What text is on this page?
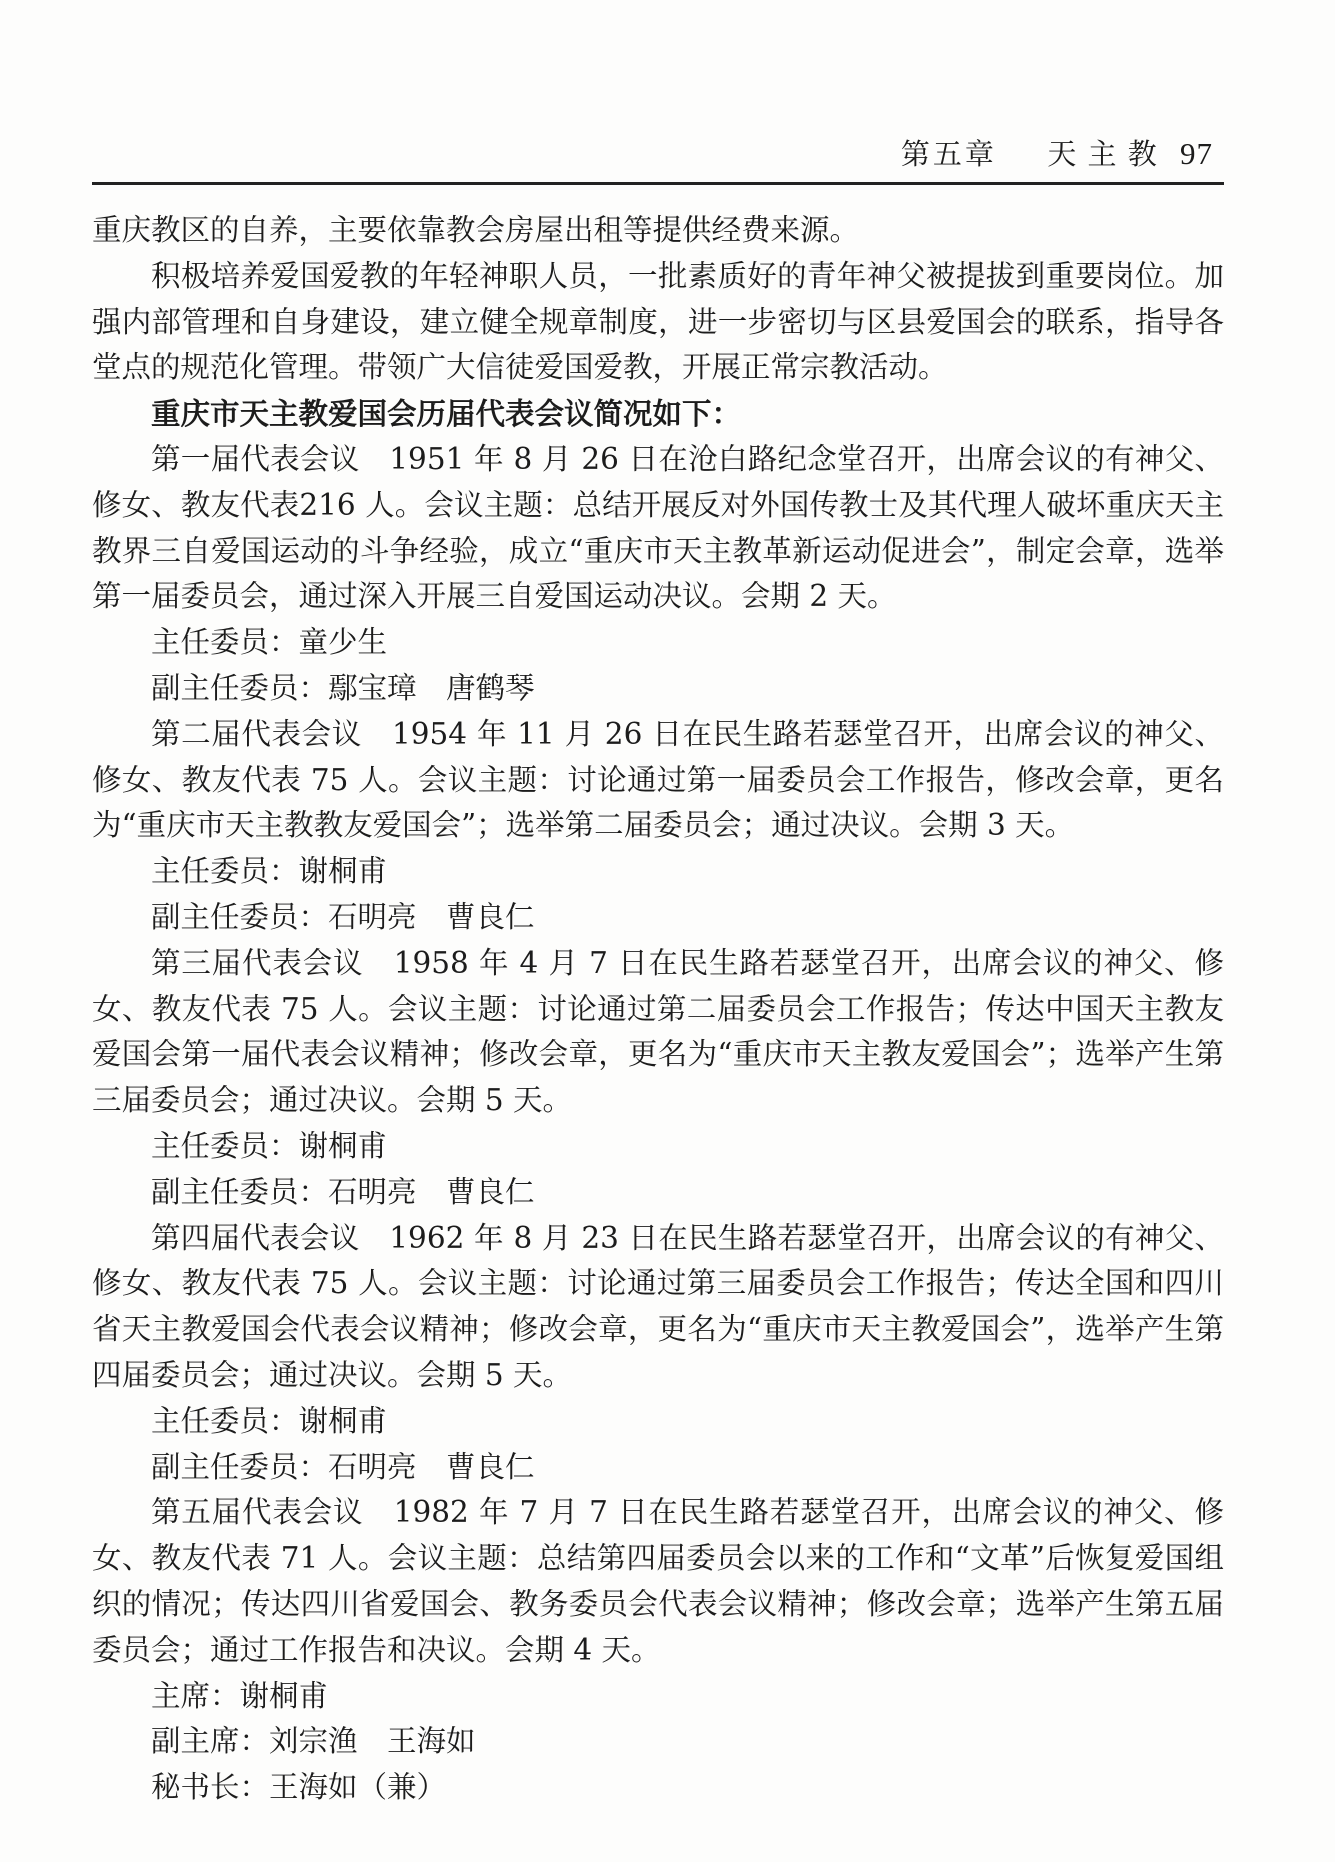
第五章   天 主 教 97

重庆教区的自养，主要依靠教会房屋出租等提供经费来源。

积极培养爱国爱教的年轻神职人员，一批素质好的青年神父被提拔到重要岗位。加强内部管理和自身建设，建立健全规章制度，进一步密切与区县爱国会的联系，指导各堂点的规范化管理。带领广大信徒爱国爱教，开展正常宗教活动。

重庆市天主教爱国会历届代表会议简况如下：

第一届代表会议　1951 年 8 月 26 日在沧白路纪念堂召开，出席会议的有神父、修女、教友代表216 人。会议主题：总结开展反对外国传教士及其代理人破坏重庆天主教界三自爱国运动的斗争经验，成立“重庆市天主教革新运动促进会”，制定会章，选举第一届委员会，通过深入开展三自爱国运动决议。会期 2 天。

主任委员：童少生

副主任委员：鄢宝璋 唐鹤琴

第二届代表会议　1954 年 11 月 26 日在民生路若瑟堂召开，出席会议的神父、修女、教友代表 75 人。会议主题：讨论通过第一届委员会工作报告，修改会章，更名为“重庆市天主教教友爱国会”；选举第二届委员会；通过决议。会期 3 天。

主任委员：谢桐甫

副主任委员：石明亮 曹良仁

第三届代表会议　1958 年 4 月 7 日在民生路若瑟堂召开，出席会议的神父、修女、教友代表 75 人。会议主题：讨论通过第二届委员会工作报告；传达中国天主教友爱国会第一届代表会议精神；修改会章，更名为“重庆市天主教友爱国会”；选举产生第三届委员会；通过决议。会期 5 天。

主任委员：谢桐甫

副主任委员：石明亮 曹良仁

第四届代表会议　1962 年 8 月 23 日在民生路若瑟堂召开，出席会议的有神父、修女、教友代表 75 人。会议主题：讨论通过第三届委员会工作报告；传达全国和四川省天主教爱国会代表会议精神；修改会章，更名为“重庆市天主教爱国会”，选举产生第四届委员会；通过决议。会期 5 天。

主任委员：谢桐甫

副主任委员：石明亮 曹良仁

第五届代表会议　1982 年 7 月 7 日在民生路若瑟堂召开，出席会议的神父、修女、教友代表 71 人。会议主题：总结第四届委员会以来的工作和“文革”后恢复爱国组织的情况；传达四川省爱国会、教务委员会代表会议精神；修改会章；选举产生第五届委员会；通过工作报告和决议。会期 4 天。

主席：谢桐甫

副主席：刘宗渔 王海如

秘书长：王海如（兼）
